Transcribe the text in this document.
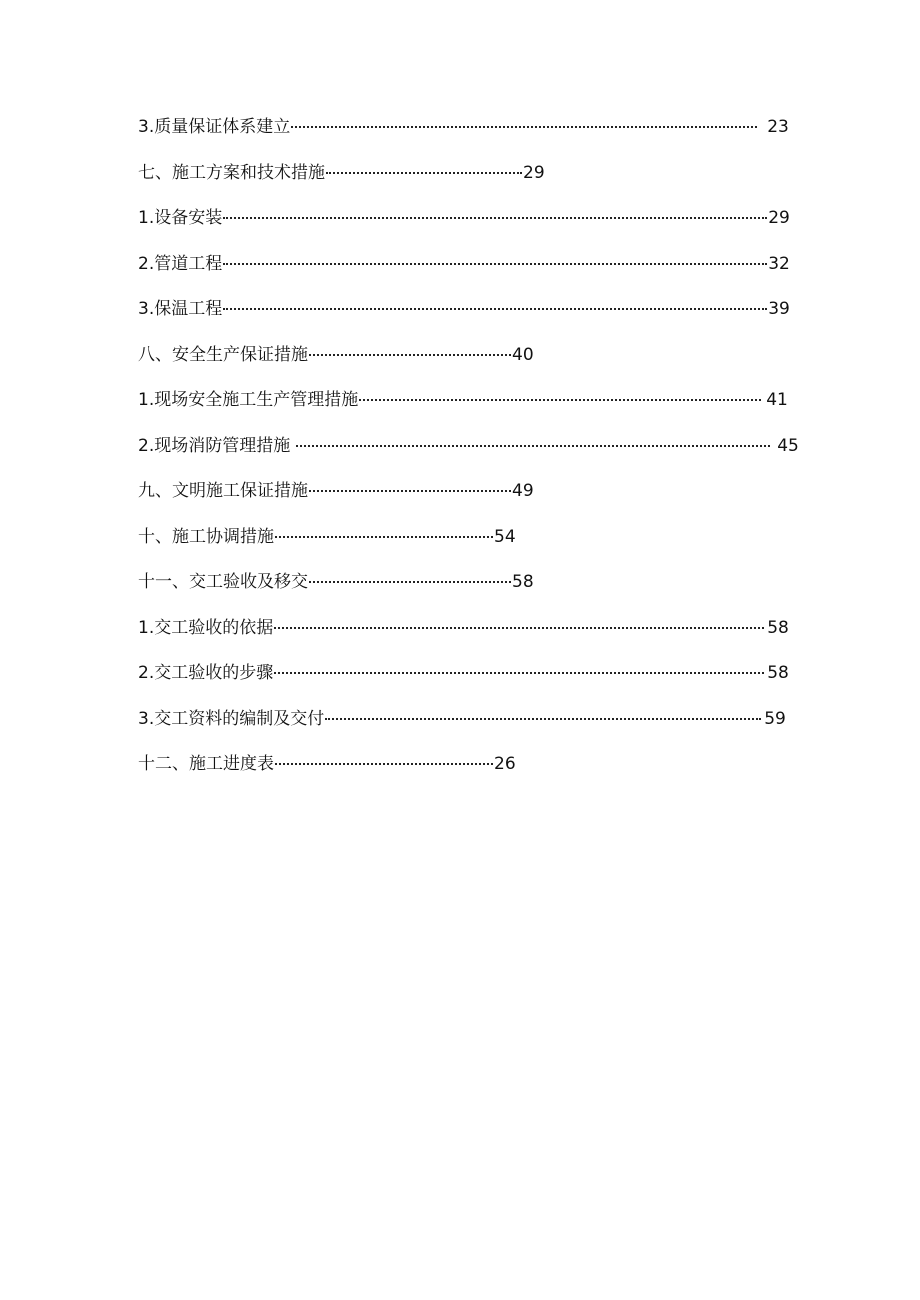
3.质量保证体系建立	23
七、施工方案和技术措施	29
1.设备安装	29
2.管道工程	32
3.保温工程	39
八、安全生产保证措施	40
1.现场安全施工生产管理措施	41
2.现场消防管理措施	45
九、文明施工保证措施	49
十、施工协调措施	54
十一、交工验收及移交	58
1.交工验收的依据	58
2.交工验收的步骤	58
3.交工资料的编制及交付	59
十二、施工进度表	26
